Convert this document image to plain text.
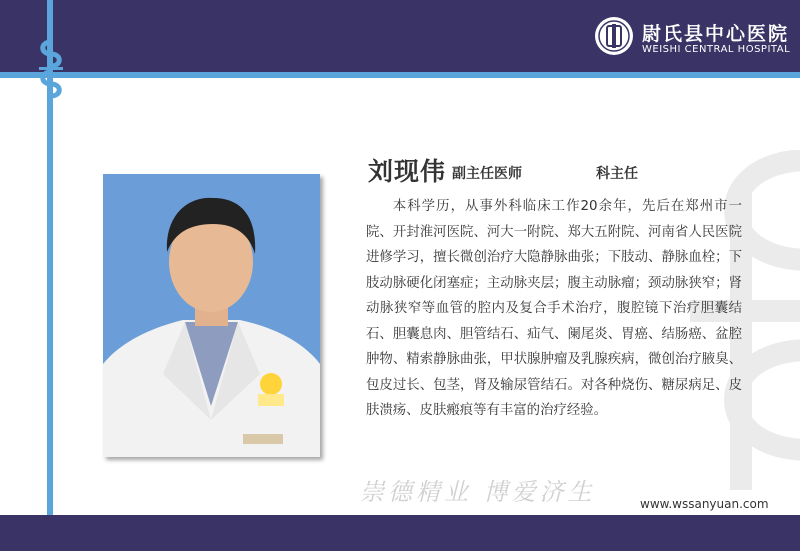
尉氏县中心医院
WEISHI CENTRAL HOSPITAL
刘现伟 副主任医师	科主任

本科学历，从事外科临床工作20余年，先后在郑州市一院、开封淮河医院、河大一附院、郑大五附院、河南省人民医院进修学习，擅长微创治疗大隐静脉曲张；下肢动、静脉血栓；下肢动脉硬化闭塞症；主动脉夹层；腹主动脉瘤；颈动脉狭窄；肾动脉狭窄等血管的腔内及复合手术治疗，腹腔镜下治疗胆囊结石、胆囊息肉、胆管结石、疝气、阑尾炎、胃癌、结肠癌、盆腔肿物、精索静脉曲张，甲状腺肿瘤及乳腺疾病，微创治疗腋臭、包皮过长、包茎，肾及输尿管结石。对各种烧伤、糖尿病足、皮肤溃疡、皮肤瘢痕等有丰富的治疗经验。

崇德精业 博爱济生	www.wssanyuan.com
